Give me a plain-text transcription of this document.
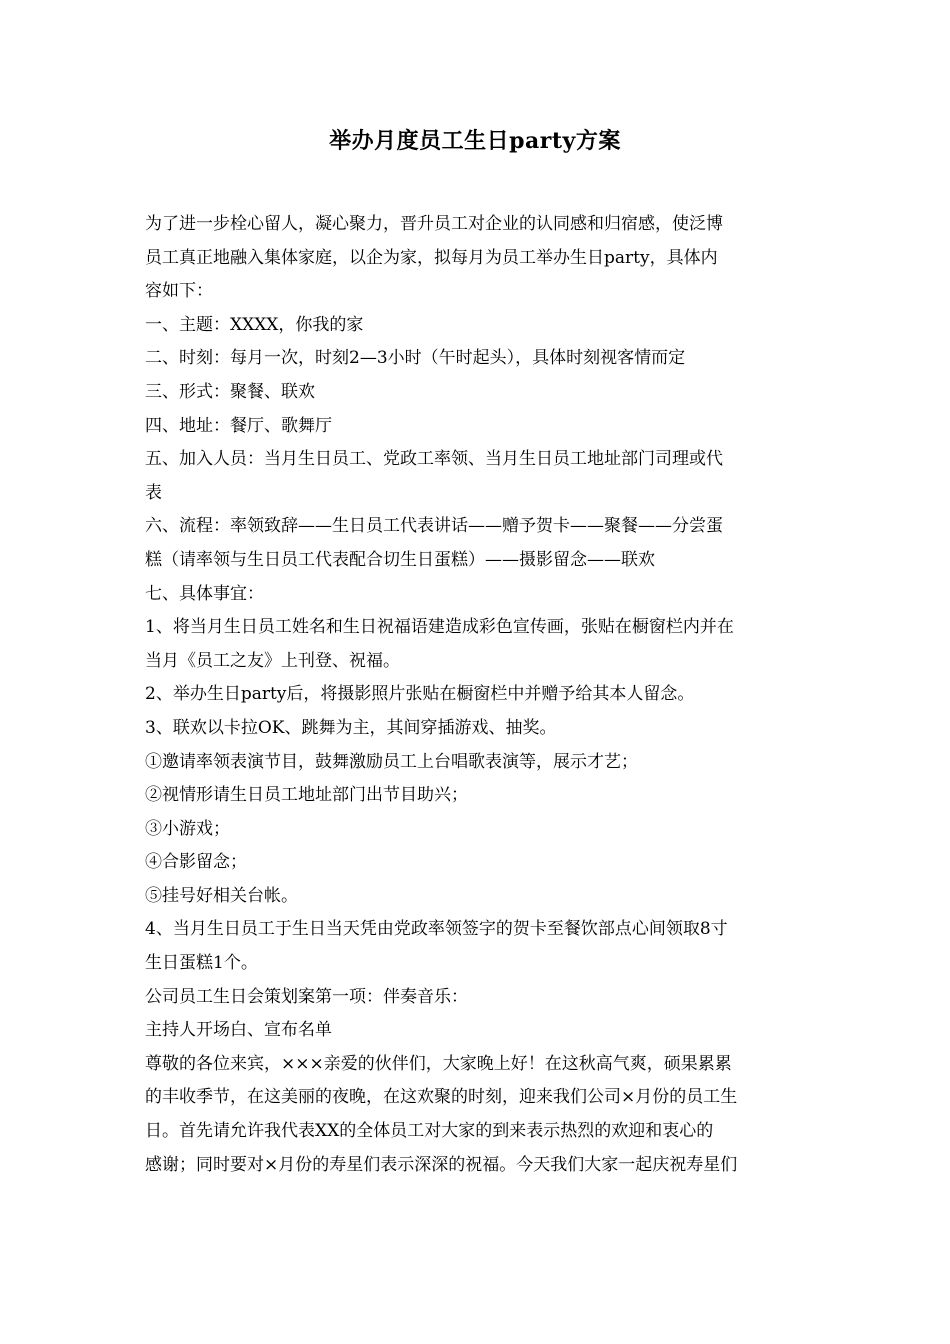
举办月度员工生日party方案
为了进一步栓心留人，凝心聚力，晋升员工对企业的认同感和归宿感，使泛博
员工真正地融入集体家庭，以企为家，拟每月为员工举办生日party，具体内
容如下：
一、主题：XXXX，你我的家
二、时刻：每月一次，时刻2—3小时（午时起头），具体时刻视客情而定
三、形式：聚餐、联欢
四、地址：餐厅、歌舞厅
五、加入人员：当月生日员工、党政工率领、当月生日员工地址部门司理或代
表
六、流程：率领致辞——生日员工代表讲话——赠予贺卡——聚餐——分尝蛋
糕（请率领与生日员工代表配合切生日蛋糕）——摄影留念——联欢
七、具体事宜：
1、将当月生日员工姓名和生日祝福语建造成彩色宣传画，张贴在橱窗栏内并在
当月《员工之友》上刊登、祝福。
2、举办生日party后，将摄影照片张贴在橱窗栏中并赠予给其本人留念。
3、联欢以卡拉OK、跳舞为主，其间穿插游戏、抽奖。
①邀请率领表演节目，鼓舞激励员工上台唱歌表演等，展示才艺；
②视情形请生日员工地址部门出节目助兴；
③小游戏；
④合影留念；
⑤挂号好相关台帐。
4、当月生日员工于生日当天凭由党政率领签字的贺卡至餐饮部点心间领取8寸
生日蛋糕1个。
公司员工生日会策划案第一项：伴奏音乐：
主持人开场白、宣布名单
尊敬的各位来宾，×××亲爱的伙伴们，大家晚上好！在这秋高气爽，硕果累累
的丰收季节，在这美丽的夜晚，在这欢聚的时刻，迎来我们公司×月份的员工生
日。首先请允许我代表XX的全体员工对大家的到来表示热烈的欢迎和衷心的
感谢；同时要对×月份的寿星们表示深深的祝福。今天我们大家一起庆祝寿星们
